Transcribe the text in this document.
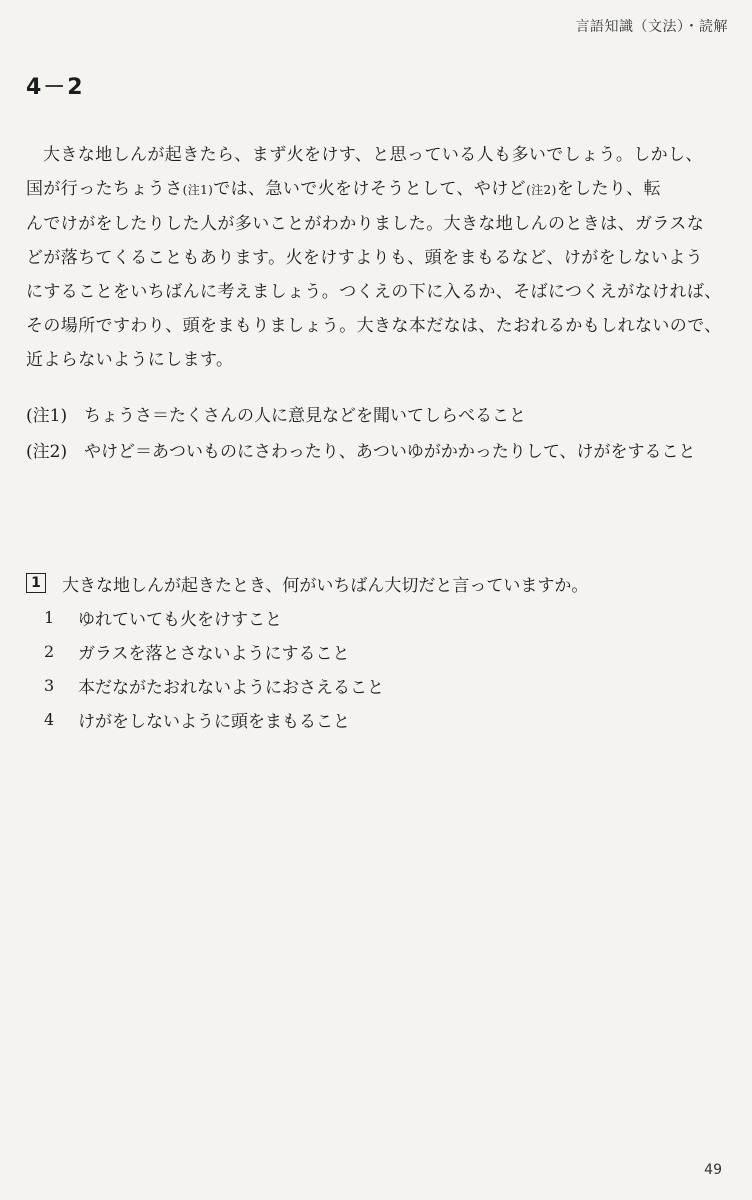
言語知識（文法）・読解
4－2
大きな地しんが起きたら、まず火をけす、と思っている人も多いでしょう。しかし、
国が行ったちょうさ(注1)では、急いで火をけそうとして、やけど(注2)をしたり、転
んでけがをしたりした人が多いことがわかりました。大きな地しんのときは、ガラスな
どが落ちてくることもあります。火をけすよりも、頭をまもるなど、けがをしないよう
にすることをいちばんに考えましょう。つくえの下に入るか、そばにつくえがなければ、
その場所ですわり、頭をまもりましょう。大きな本だなは、たおれるかもしれないので、
近よらないようにします。
(注1) ちょうさ＝たくさんの人に意見などを聞いてしらべること
(注2) やけど＝あついものにさわったり、あついゆがかかったりして、けがをすること
1	大きな地しんが起きたとき、何がいちばん大切だと言っていますか。
1	ゆれていても火をけすこと
2	ガラスを落とさないようにすること
3	本だながたおれないようにおさえること
4	けがをしないように頭をまもること
49
